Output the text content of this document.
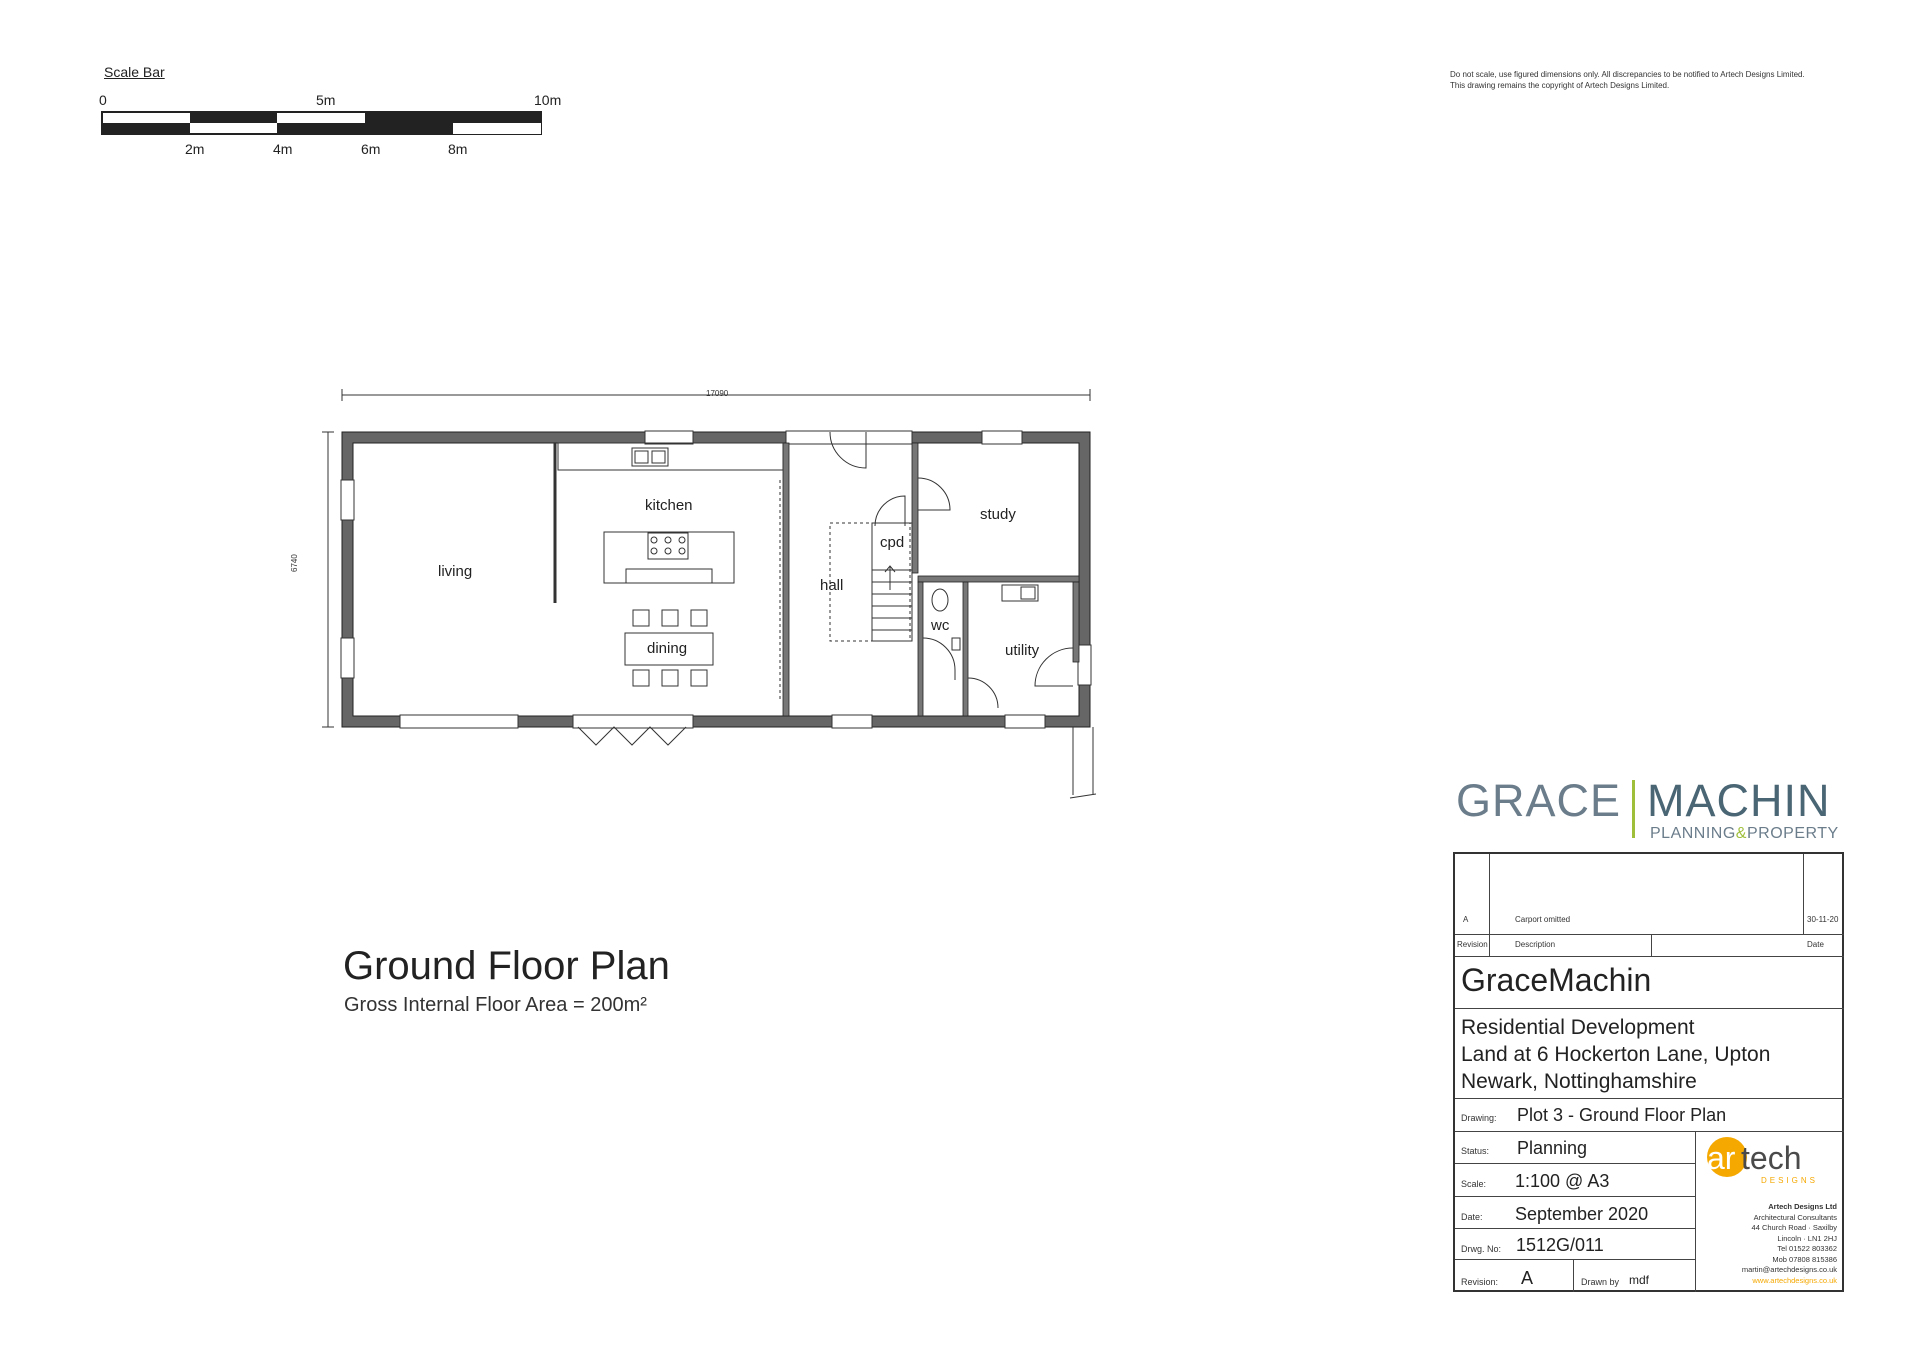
Scale Bar
0	5m	10m
2m	4m	6m	8m
Do not scale, use figured dimensions only. All discrepancies to be notified to Artech Designs Limited.
This drawing remains the copyright of Artech Designs Limited.
17090
6740	living
kitchen
dining
hall
cpd
study
wc
utility
Ground Floor Plan
Gross Internal Floor Area = 200m²
GRACE MACHIN
PLANNING&PROPERTY
A	Carport omitted	30-11-20
Revision	Description	Date
GraceMachin
Residential Development
Land at 6 Hockerton Lane, Upton
Newark, Nottinghamshire
Drawing: Plot 3 - Ground Floor Plan
Status: Planning
Scale: 1:100 @ A3
Date: September 2020
Drwg. No: 1512G/011
Revision: A	Drawn by mdf
ar tech
DESIGNS
Artech Designs Ltd
Architectural Consultants
44 Church Road · Saxilby
Lincoln · LN1 2HJ
Tel 01522 803362
Mob 07808 815386
martin@artechdesigns.co.uk
www.artechdesigns.co.uk
